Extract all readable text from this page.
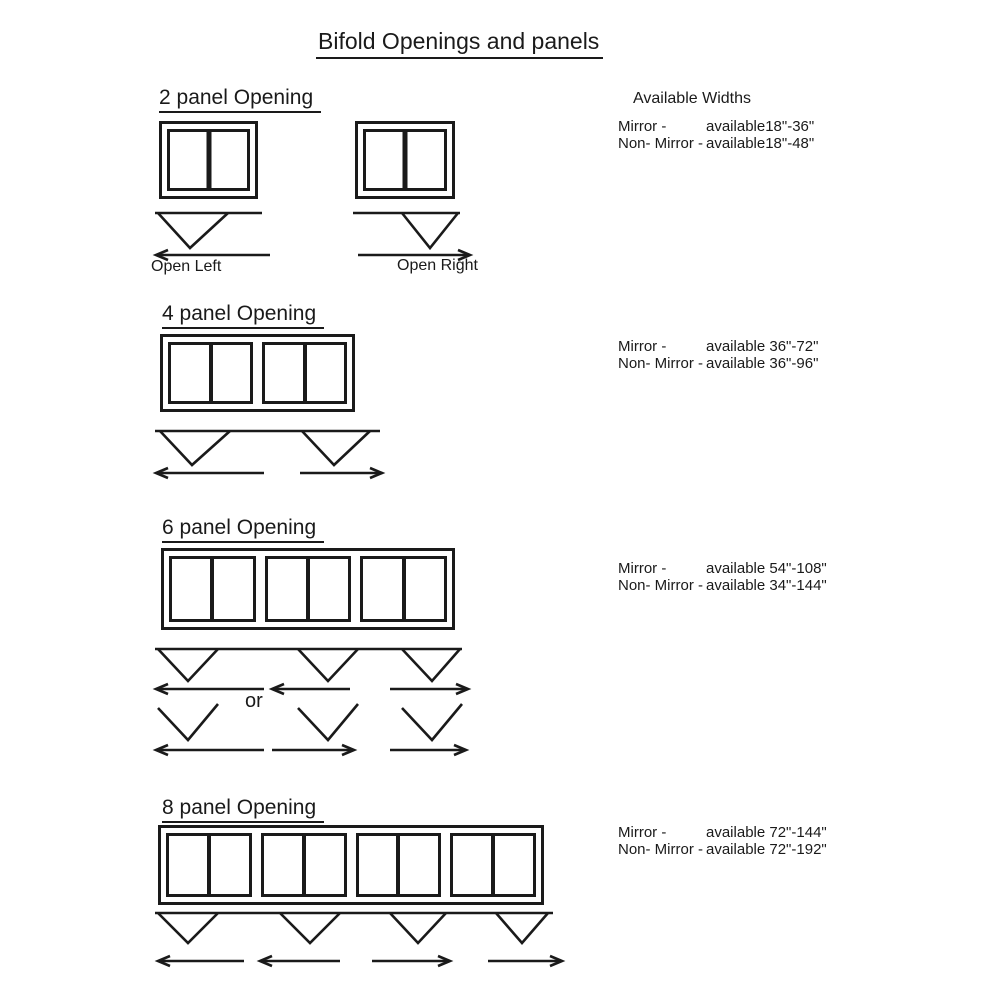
Bifold Openings and panels
Available Widths
2 panel Opening
Open Left	Open Right
Mirror -	available18"-36"
Non- Mirror - available18"-48"
4 panel Opening
Mirror -	available 36"-72"
Non- Mirror - available 36"-96"
6 panel Opening
or
Mirror -	available 54"-108"
Non- Mirror - available 34"-144"
8 panel Opening
Mirror -	available 72"-144"
Non- Mirror - available 72"-192"
